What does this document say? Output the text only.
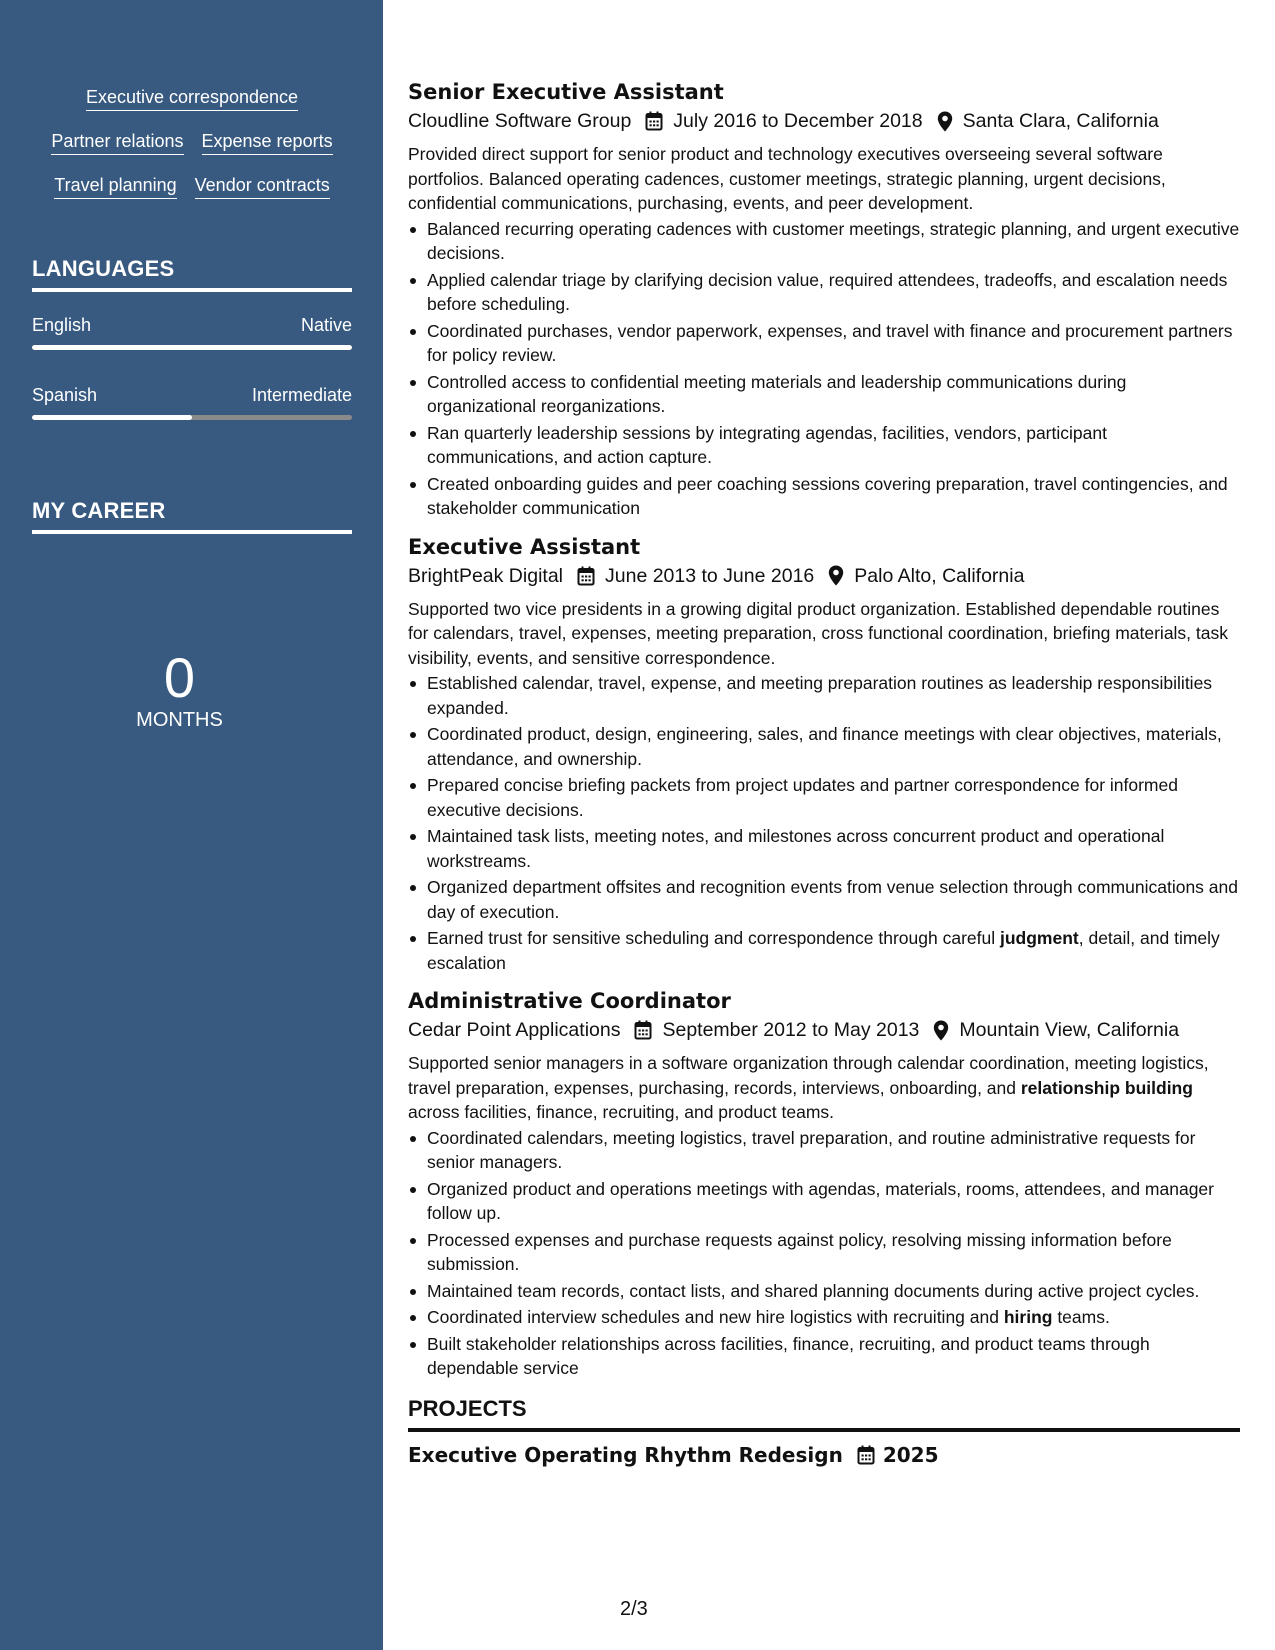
Executive correspondence
Partner relations Expense reports
Travel planning Vendor contracts
LANGUAGES
English	Native
Spanish	Intermediate
MY CAREER
0
MONTHS
Senior Executive Assistant
Cloudline Software Group July 2016 to December 2018 Santa Clara, California
Provided direct support for senior product and technology executives overseeing several software portfolios. Balanced operating cadences, customer meetings, strategic planning, urgent decisions, confidential communications, purchasing, events, and peer development.
Balanced recurring operating cadences with customer meetings, strategic planning, and urgent executive decisions.
Applied calendar triage by clarifying decision value, required attendees, tradeoffs, and escalation needs before scheduling.
Coordinated purchases, vendor paperwork, expenses, and travel with finance and procurement partners for policy review.
Controlled access to confidential meeting materials and leadership communications during organizational reorganizations.
Ran quarterly leadership sessions by integrating agendas, facilities, vendors, participant communications, and action capture.
Created onboarding guides and peer coaching sessions covering preparation, travel contingencies, and stakeholder communication
Executive Assistant
BrightPeak Digital June 2013 to June 2016 Palo Alto, California
Supported two vice presidents in a growing digital product organization. Established dependable routines for calendars, travel, expenses, meeting preparation, cross functional coordination, briefing materials, task visibility, events, and sensitive correspondence.
Established calendar, travel, expense, and meeting preparation routines as leadership responsibilities expanded.
Coordinated product, design, engineering, sales, and finance meetings with clear objectives, materials, attendance, and ownership.
Prepared concise briefing packets from project updates and partner correspondence for informed executive decisions.
Maintained task lists, meeting notes, and milestones across concurrent product and operational workstreams.
Organized department offsites and recognition events from venue selection through communications and day of execution.
Earned trust for sensitive scheduling and correspondence through careful judgment, detail, and timely escalation
Administrative Coordinator
Cedar Point Applications September 2012 to May 2013 Mountain View, California
Supported senior managers in a software organization through calendar coordination, meeting logistics, travel preparation, expenses, purchasing, records, interviews, onboarding, and relationship building across facilities, finance, recruiting, and product teams.
Coordinated calendars, meeting logistics, travel preparation, and routine administrative requests for senior managers.
Organized product and operations meetings with agendas, materials, rooms, attendees, and manager follow up.
Processed expenses and purchase requests against policy, resolving missing information before submission.
Maintained team records, contact lists, and shared planning documents during active project cycles.
Coordinated interview schedules and new hire logistics with recruiting and hiring teams.
Built stakeholder relationships across facilities, finance, recruiting, and product teams through dependable service
PROJECTS
Executive Operating Rhythm Redesign 2025
2/3
